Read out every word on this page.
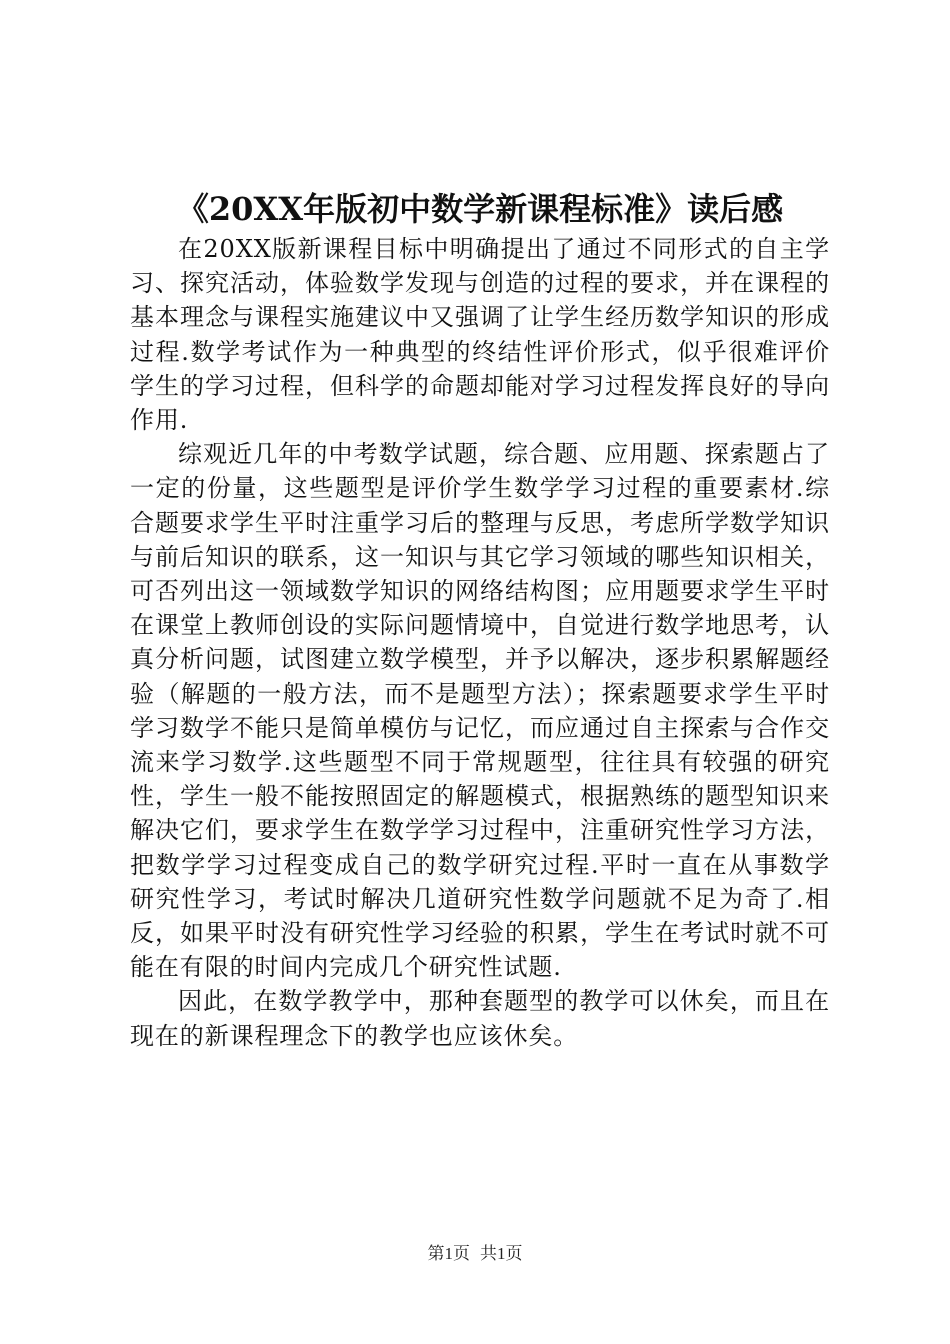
《20XX年版初中数学新课程标准》读后感

在20XX版新课程目标中明确提出了通过不同形式的自主学习、探究活动，体验数学发现与创造的过程的要求，并在课程的基本理念与课程实施建议中又强调了让学生经历数学知识的形成过程.数学考试作为一种典型的终结性评价形式，似乎很难评价学生的学习过程，但科学的命题却能对学习过程发挥良好的导向作用.

综观近几年的中考数学试题，综合题、应用题、探索题占了一定的份量，这些题型是评价学生数学学习过程的重要素材.综合题要求学生平时注重学习后的整理与反思，考虑所学数学知识与前后知识的联系，这一知识与其它学习领域的哪些知识相关，可否列出这一领域数学知识的网络结构图；应用题要求学生平时在课堂上教师创设的实际问题情境中，自觉进行数学地思考，认真分析问题，试图建立数学模型，并予以解决，逐步积累解题经验（解题的一般方法，而不是题型方法）；探索题要求学生平时学习数学不能只是简单模仿与记忆，而应通过自主探索与合作交流来学习数学.这些题型不同于常规题型，往往具有较强的研究性，学生一般不能按照固定的解题模式，根据熟练的题型知识来解决它们，要求学生在数学学习过程中，注重研究性学习方法，把数学学习过程变成自己的数学研究过程.平时一直在从事数学研究性学习，考试时解决几道研究性数学问题就不足为奇了.相反，如果平时没有研究性学习经验的积累，学生在考试时就不可能在有限的时间内完成几个研究性试题.

因此，在数学教学中，那种套题型的教学可以休矣，而且在现在的新课程理念下的教学也应该休矣。

第1页 共1页
